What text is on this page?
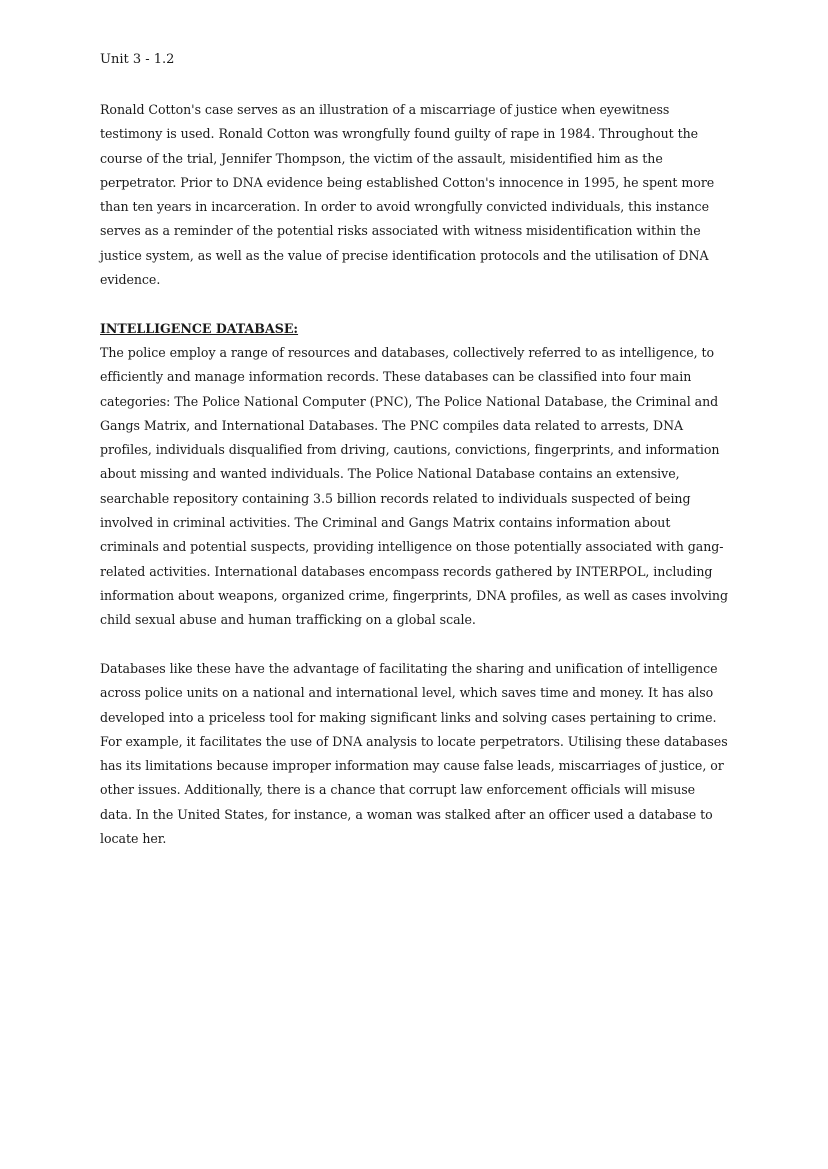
Unit 3 - 1.2

Ronald Cotton's case serves as an illustration of a miscarriage of justice when eyewitness testimony is used. Ronald Cotton was wrongfully found guilty of rape in 1984. Throughout the course of the trial, Jennifer Thompson, the victim of the assault, misidentified him as the perpetrator. Prior to DNA evidence being established Cotton's innocence in 1995, he spent more than ten years in incarceration. In order to avoid wrongfully convicted individuals, this instance serves as a reminder of the potential risks associated with witness misidentification within the justice system, as well as the value of precise identification protocols and the utilisation of DNA evidence.

INTELLIGENCE DATABASE:

The police employ a range of resources and databases, collectively referred to as intelligence, to efficiently and manage information records. These databases can be classified into four main categories: The Police National Computer (PNC), The Police National Database, the Criminal and Gangs Matrix, and International Databases. The PNC compiles data related to arrests, DNA profiles, individuals disqualified from driving, cautions, convictions, fingerprints, and information about missing and wanted individuals. The Police National Database contains an extensive, searchable repository containing 3.5 billion records related to individuals suspected of being involved in criminal activities. The Criminal and Gangs Matrix contains information about criminals and potential suspects, providing intelligence on those potentially associated with gang-related activities. International databases encompass records gathered by INTERPOL, including information about weapons, organized crime, fingerprints, DNA profiles, as well as cases involving child sexual abuse and human trafficking on a global scale.

Databases like these have the advantage of facilitating the sharing and unification of intelligence across police units on a national and international level, which saves time and money. It has also developed into a priceless tool for making significant links and solving cases pertaining to crime. For example, it facilitates the use of DNA analysis to locate perpetrators. Utilising these databases has its limitations because improper information may cause false leads, miscarriages of justice, or other issues. Additionally, there is a chance that corrupt law enforcement officials will misuse data. In the United States, for instance, a woman was stalked after an officer used a database to locate her.
